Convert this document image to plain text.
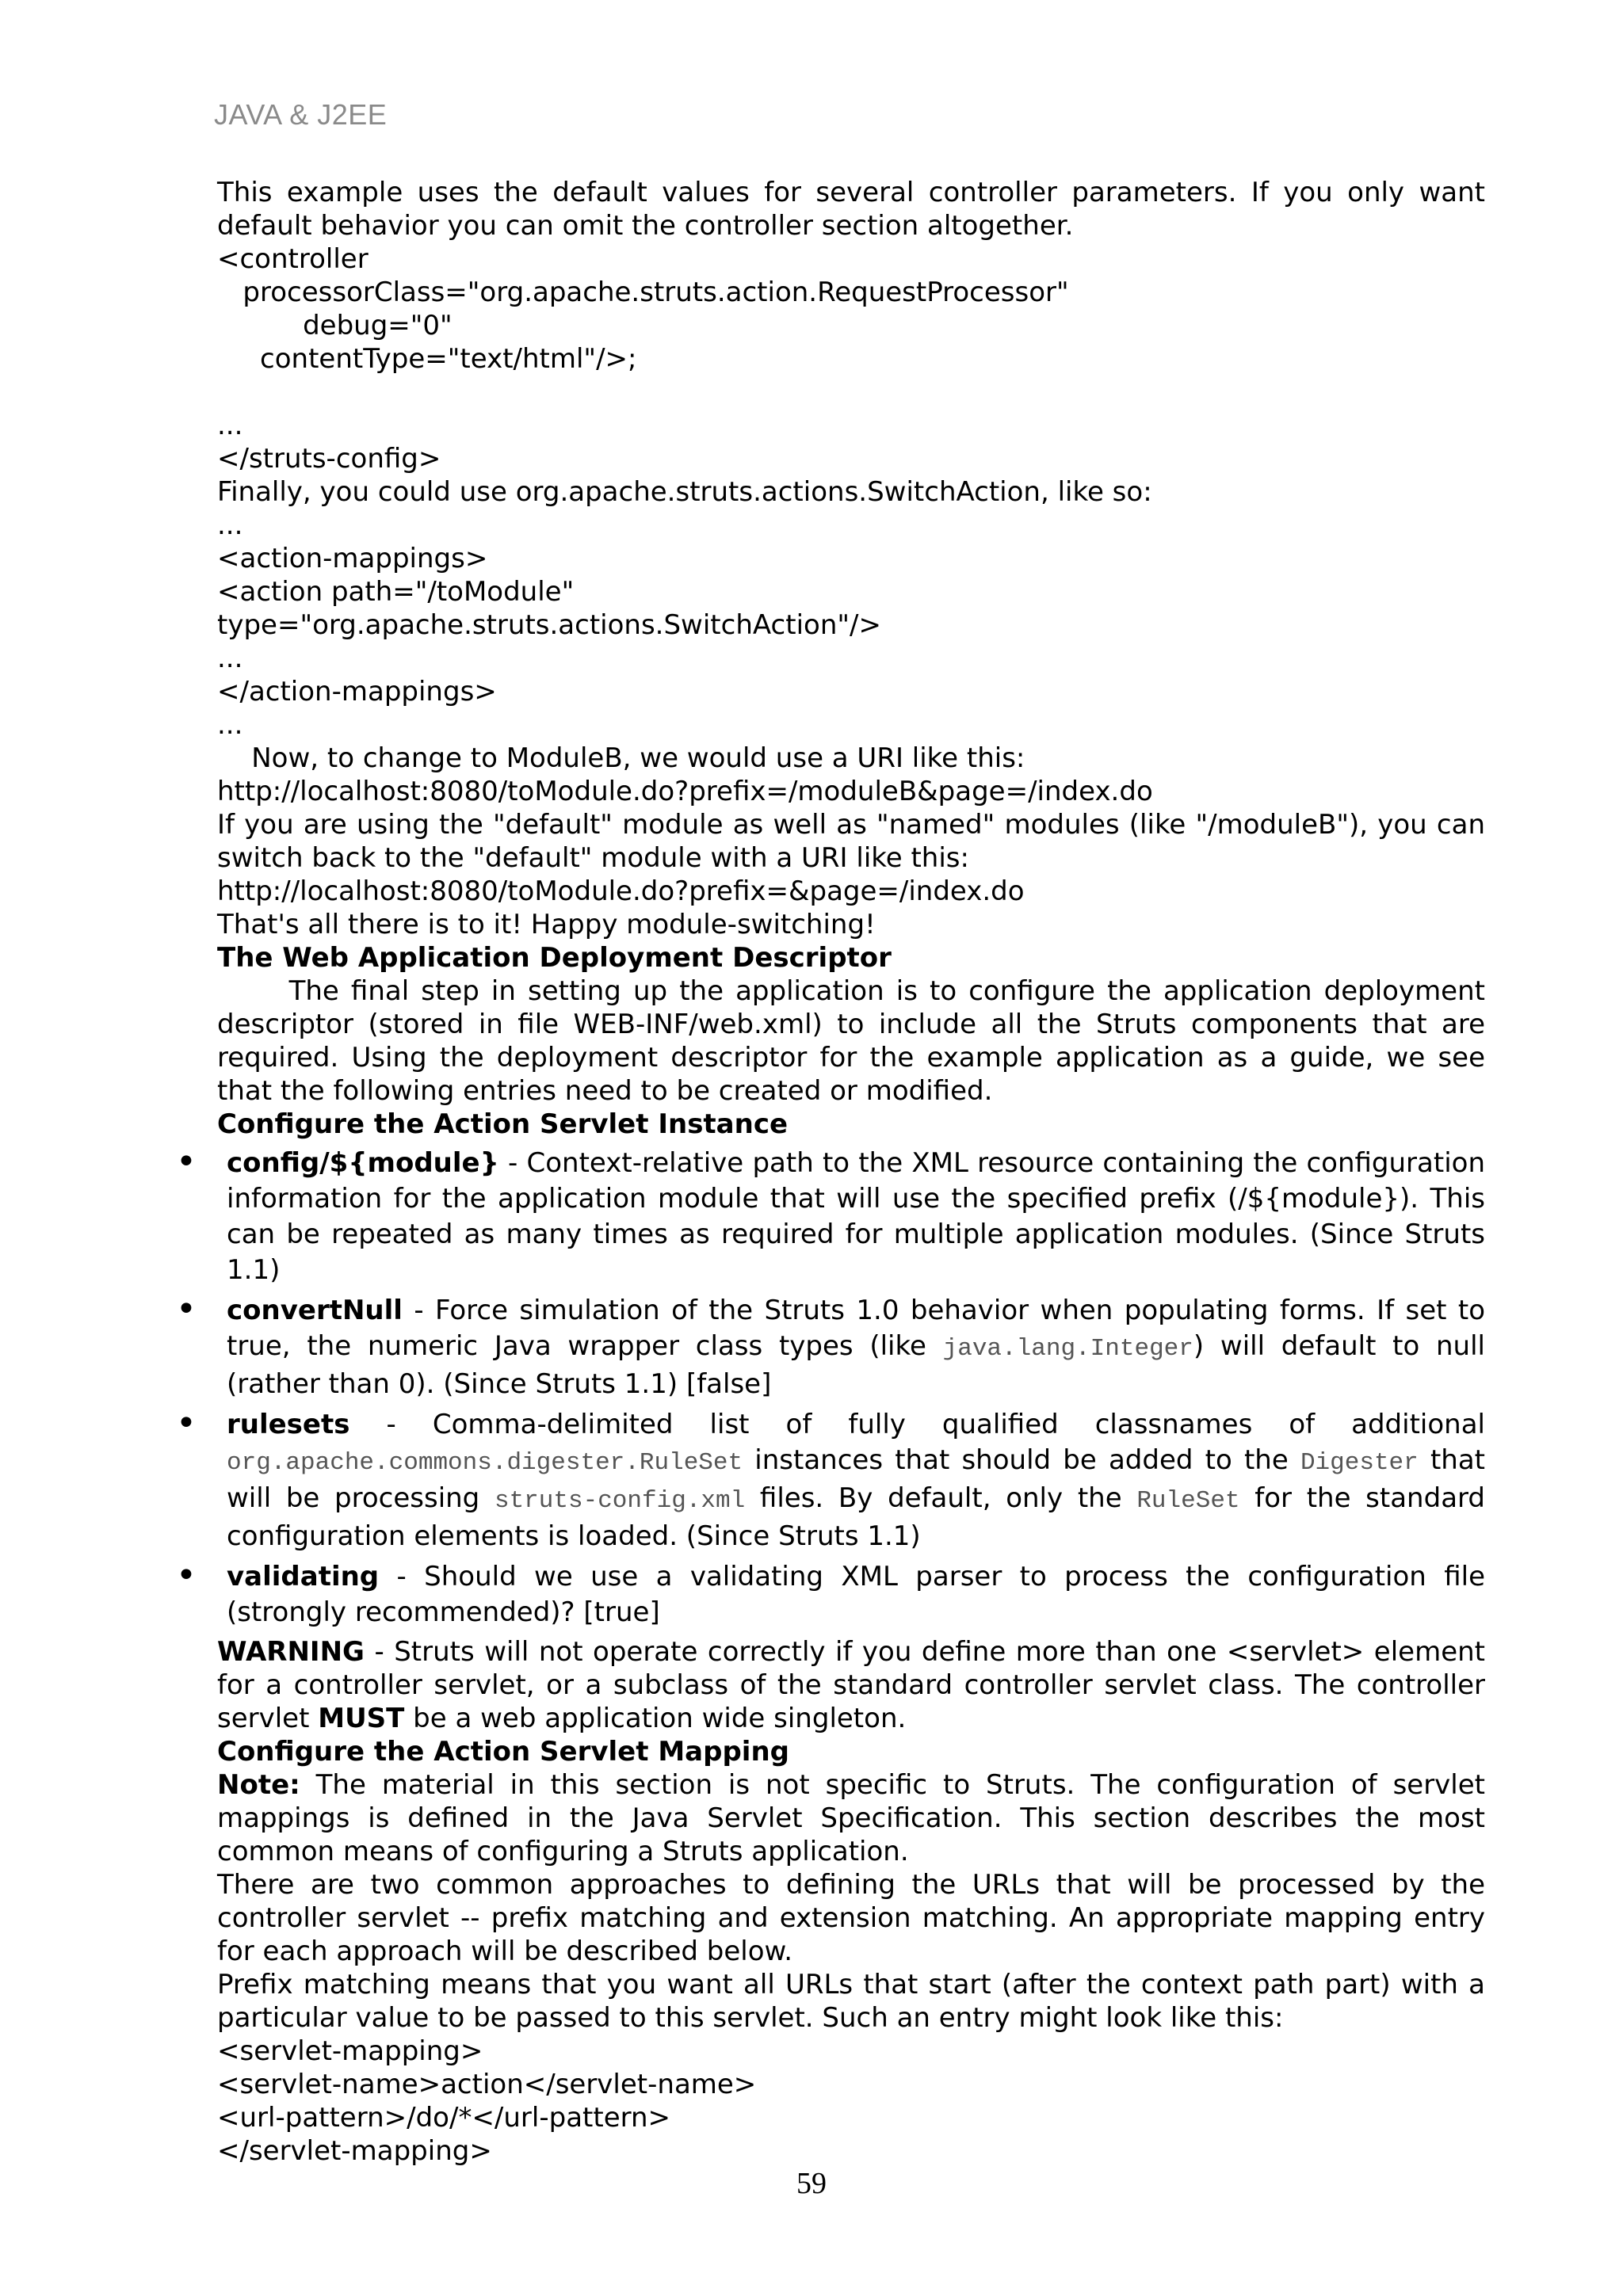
JAVA & J2EE
This example uses the default values for several controller parameters. If you only want default behavior you can omit the controller section altogether.
<controller
processorClass="org.apache.struts.action.RequestProcessor"
debug="0"
contentType="text/html"/>;
...
</struts-config>
Finally, you could use org.apache.struts.actions.SwitchAction, like so:
...
<action-mappings>
<action path="/toModule"
type="org.apache.struts.actions.SwitchAction"/>
...
</action-mappings>
...
Now, to change to ModuleB, we would use a URI like this:
http://localhost:8080/toModule.do?prefix=/moduleB&page=/index.do
If you are using the "default" module as well as "named" modules (like "/moduleB"), you can switch back to the "default" module with a URI like this:
http://localhost:8080/toModule.do?prefix=&page=/index.do
That's all there is to it! Happy module-switching!
The Web Application Deployment Descriptor
The final step in setting up the application is to configure the application deployment descriptor (stored in file WEB-INF/web.xml) to include all the Struts components that are required. Using the deployment descriptor for the example application as a guide, we see that the following entries need to be created or modified.
Configure the Action Servlet Instance
• config/${module} - Context-relative path to the XML resource containing the configuration information for the application module that will use the specified prefix (/${module}). This can be repeated as many times as required for multiple application modules. (Since Struts 1.1)
• convertNull - Force simulation of the Struts 1.0 behavior when populating forms. If set to true, the numeric Java wrapper class types (like java.lang.Integer) will default to null (rather than 0). (Since Struts 1.1) [false]
• rulesets - Comma-delimited list of fully qualified classnames of additional org.apache.commons.digester.RuleSet instances that should be added to the Digester that will be processing struts-config.xml files. By default, only the RuleSet for the standard configuration elements is loaded. (Since Struts 1.1)
• validating - Should we use a validating XML parser to process the configuration file (strongly recommended)? [true]
WARNING - Struts will not operate correctly if you define more than one <servlet> element for a controller servlet, or a subclass of the standard controller servlet class. The controller servlet MUST be a web application wide singleton.
Configure the Action Servlet Mapping
Note: The material in this section is not specific to Struts. The configuration of servlet mappings is defined in the Java Servlet Specification. This section describes the most common means of configuring a Struts application.
There are two common approaches to defining the URLs that will be processed by the controller servlet -- prefix matching and extension matching. An appropriate mapping entry for each approach will be described below.
Prefix matching means that you want all URLs that start (after the context path part) with a particular value to be passed to this servlet. Such an entry might look like this:
<servlet-mapping>
<servlet-name>action</servlet-name>
<url-pattern>/do/*</url-pattern>
</servlet-mapping>
59
